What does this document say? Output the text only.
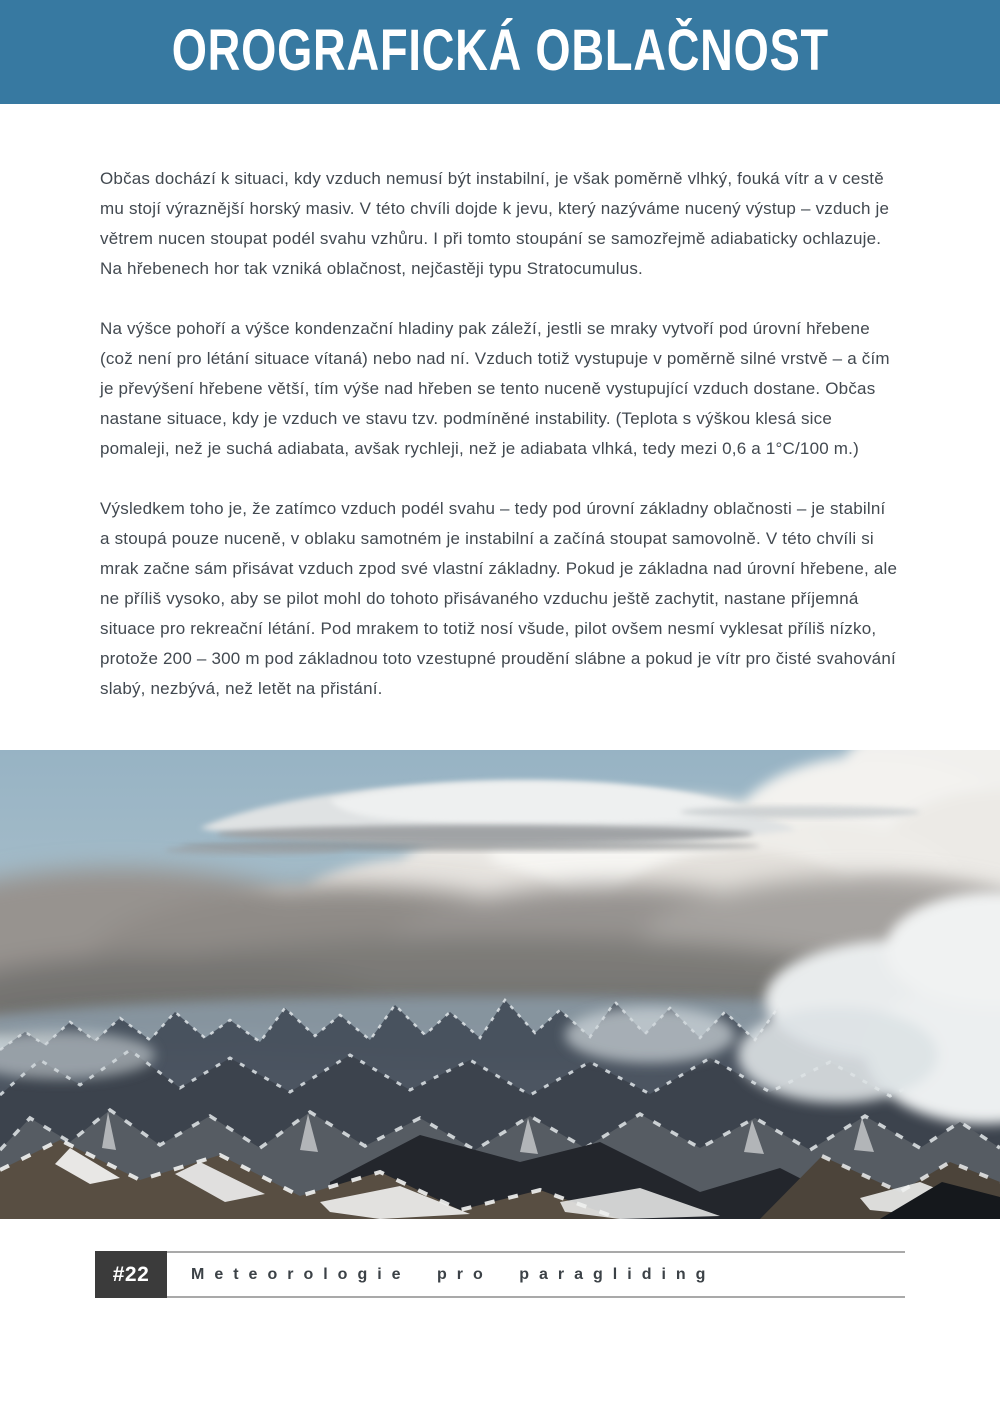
OROGRAFICKÁ OBLAČNOST

Občas dochází k situaci, kdy vzduch nemusí být instabilní, je však poměrně vlhký, fouká vítr a v cestě mu stojí výraznější horský masiv. V této chvíli dojde k jevu, který nazýváme nucený výstup – vzduch je větrem nucen stoupat podél svahu vzhůru. I při tomto stoupání se samozřejmě adiabaticky ochlazuje. Na hřebenech hor tak vzniká oblačnost, nejčastěji typu Stratocumulus.

Na výšce pohoří a výšce kondenzační hladiny pak záleží, jestli se mraky vytvoří pod úrovní hřebene (což není pro létání situace vítaná) nebo nad ní. Vzduch totiž vystupuje v poměrně silné vrstvě – a čím je převýšení hřebene větší, tím výše nad hřeben se tento nuceně vystupující vzduch dostane. Občas nastane situace, kdy je vzduch ve stavu tzv. podmíněné instability. (Teplota s výškou klesá sice pomaleji, než je suchá adiabata, avšak rychleji, než je adiabata vlhká, tedy mezi 0,6 a 1°C/100 m.)

Výsledkem toho je, že zatímco vzduch podél svahu – tedy pod úrovní základny oblačnosti – je stabilní a stoupá pouze nuceně, v oblaku samotném je instabilní a začíná stoupat samovolně. V této chvíli si mrak začne sám přisávat vzduch zpod své vlastní základny. Pokud je základna nad úrovní hřebene, ale ne příliš vysoko, aby se pilot mohl do tohoto přisávaného vzduchu ještě zachytit, nastane příjemná situace pro rekreační létání. Pod mrakem to totiž nosí všude, pilot ovšem nesmí vyklesat příliš nízko, protože 200 – 300 m pod základnou toto vzestupné proudění slábne a pokud je vítr pro čisté svahování slabý, nezbývá, než letět na přistání.

#22	Meteorologie pro paragliding
